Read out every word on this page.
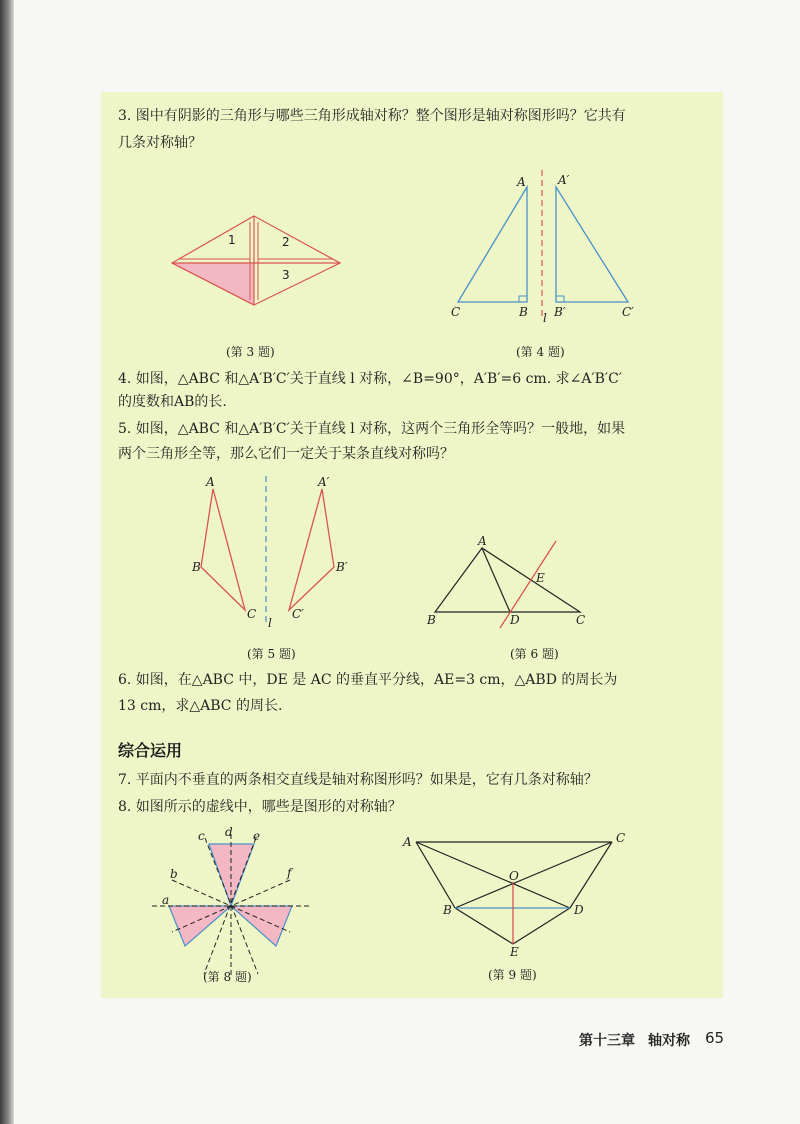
3. 图中有阴影的三角形与哪些三角形成轴对称？整个图形是轴对称图形吗？它共有
几条对称轴？
1	2
3
(第 3 题)
A	A′
C	B B′	C′
l
(第 4 题)
4. 如图，△ABC 和△A′B′C′关于直线 l 对称，∠B=90°，A′B′=6 cm. 求∠A′B′C′
的度数和AB的长.
5. 如图，△ABC 和△A′B′C′关于直线 l 对称，这两个三角形全等吗？一般地，如果
两个三角形全等，那么它们一定关于某条直线对称吗？
A	A′
B	B′
C	C′
l
(第 5 题)
A
B	C
D
E
(第 6 题)
6. 如图，在△ABC 中，DE 是 AC 的垂直平分线，AE=3 cm，△ABD 的周长为
13 cm，求△ABC 的周长.
综合运用
7. 平面内不垂直的两条相交直线是轴对称图形吗？如果是，它有几条对称轴？
8. 如图所示的虚线中，哪些是图形的对称轴？
a
b
c d e
f
(第 8 题)
A	C
O
B	D
E
(第 9 题)
第十三章 轴对称 65
